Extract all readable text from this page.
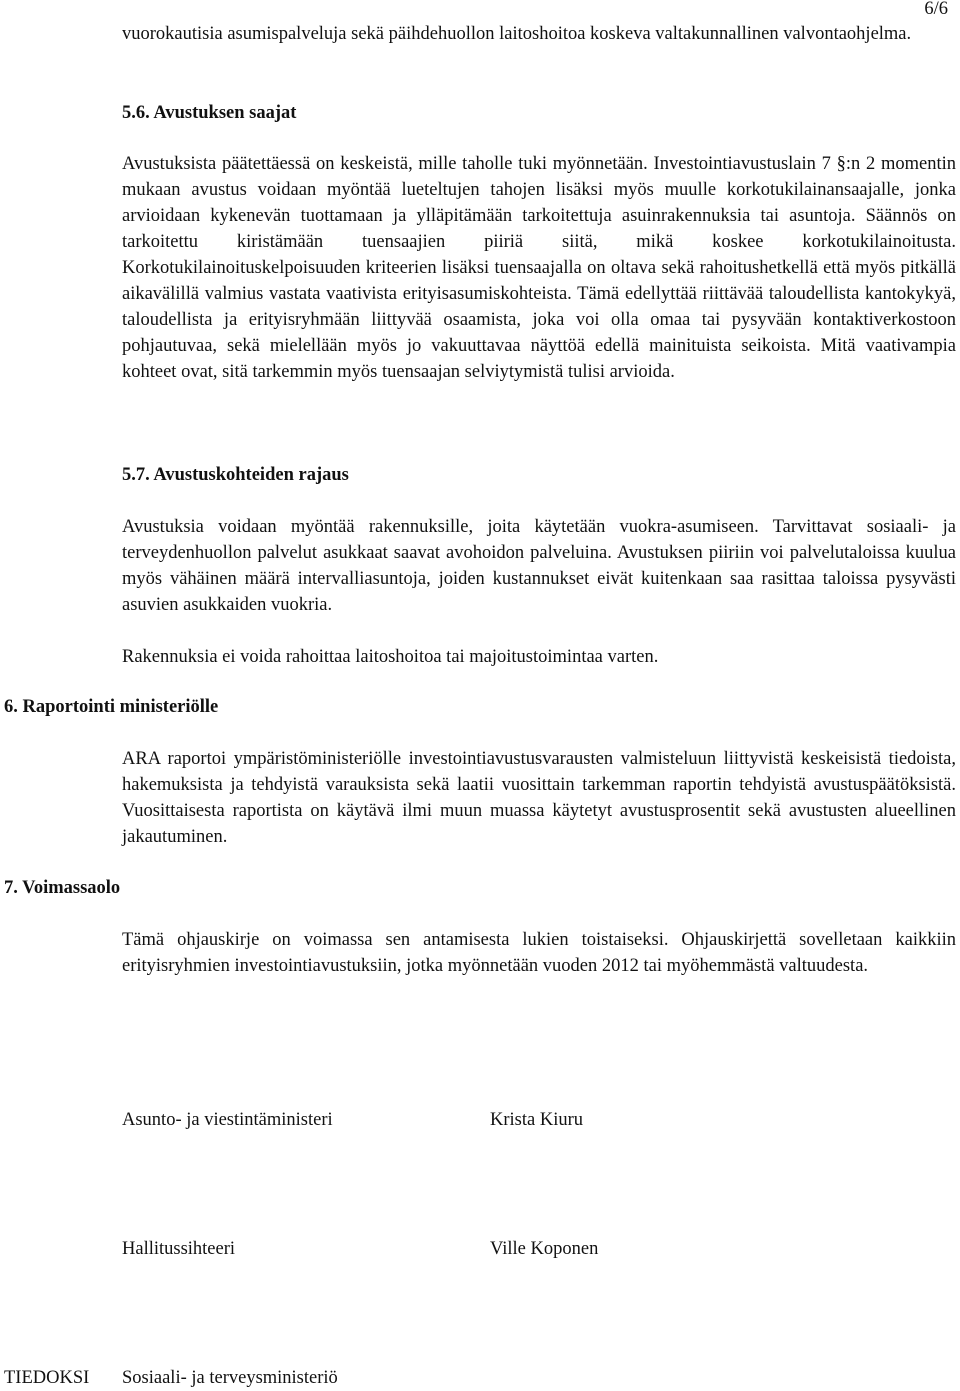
6/6

vuorokautisia asumispalveluja sekä päihdehuollon laitoshoitoa koskeva valtakunnallinen valvontaohjelma.

5.6. Avustuksen saajat

Avustuksista päätettäessä on keskeistä, mille taholle tuki myönnetään. Investointiavustuslain 7 §:n 2 momentin mukaan avustus voidaan myöntää lueteltujen tahojen lisäksi myös muulle korkotukilainansaajalle, jonka arvioidaan kykenevän tuottamaan ja ylläpitämään tarkoitettuja asuinrakennuksia tai asuntoja. Säännös on tarkoitettu kiristämään tuensaajien piiriä siitä, mikä koskee korkotukilainoitusta. Korkotukilainoituskelpoisuuden kriteerien lisäksi tuensaajalla on oltava sekä rahoitushetkellä että myös pitkällä aikavälillä valmius vastata vaativista erityisasumiskohteista. Tämä edellyttää riittävää taloudellista kantokykyä, taloudellista ja erityisryhmään liittyvää osaamista, joka voi olla omaa tai pysyvään kontaktiverkostoon pohjautuvaa, sekä mielellään myös jo vakuuttavaa näyttöä edellä mainituista seikoista. Mitä vaativampia kohteet ovat, sitä tarkemmin myös tuensaajan selviytymistä tulisi arvioida.

5.7. Avustuskohteiden rajaus

Avustuksia voidaan myöntää rakennuksille, joita käytetään vuokra-asumiseen. Tarvittavat sosiaali- ja terveydenhuollon palvelut asukkaat saavat avohoidon palveluina. Avustuksen piiriin voi palvelutaloissa kuulua myös vähäinen määrä intervalliasuntoja, joiden kustannukset eivät kuitenkaan saa rasittaa taloissa pysyvästi asuvien asukkaiden vuokria.

Rakennuksia ei voida rahoittaa laitoshoitoa tai majoitustoimintaa varten.

6. Raportointi ministeriölle

ARA raportoi ympäristöministeriölle investointiavustusvarausten valmisteluun liittyvistä keskeisistä tiedoista, hakemuksista ja tehdyistä varauksista sekä laatii vuosittain tarkemman raportin tehdyistä avustuspäätöksistä. Vuosittaisesta raportista on käytävä ilmi muun muassa käytetyt avustusprosentit sekä avustusten alueellinen jakautuminen.

7. Voimassaolo

Tämä ohjauskirje on voimassa sen antamisesta lukien toistaiseksi. Ohjauskirjettä sovelletaan kaikkiin erityisryhmien investointiavustuksiin, jotka myönnetään vuoden 2012 tai myöhemmästä valtuudesta.

Asunto- ja viestintäministeri	Krista Kiuru
Hallitussihteeri	Ville Koponen
TIEDOKSI Sosiaali- ja terveysministeriö
